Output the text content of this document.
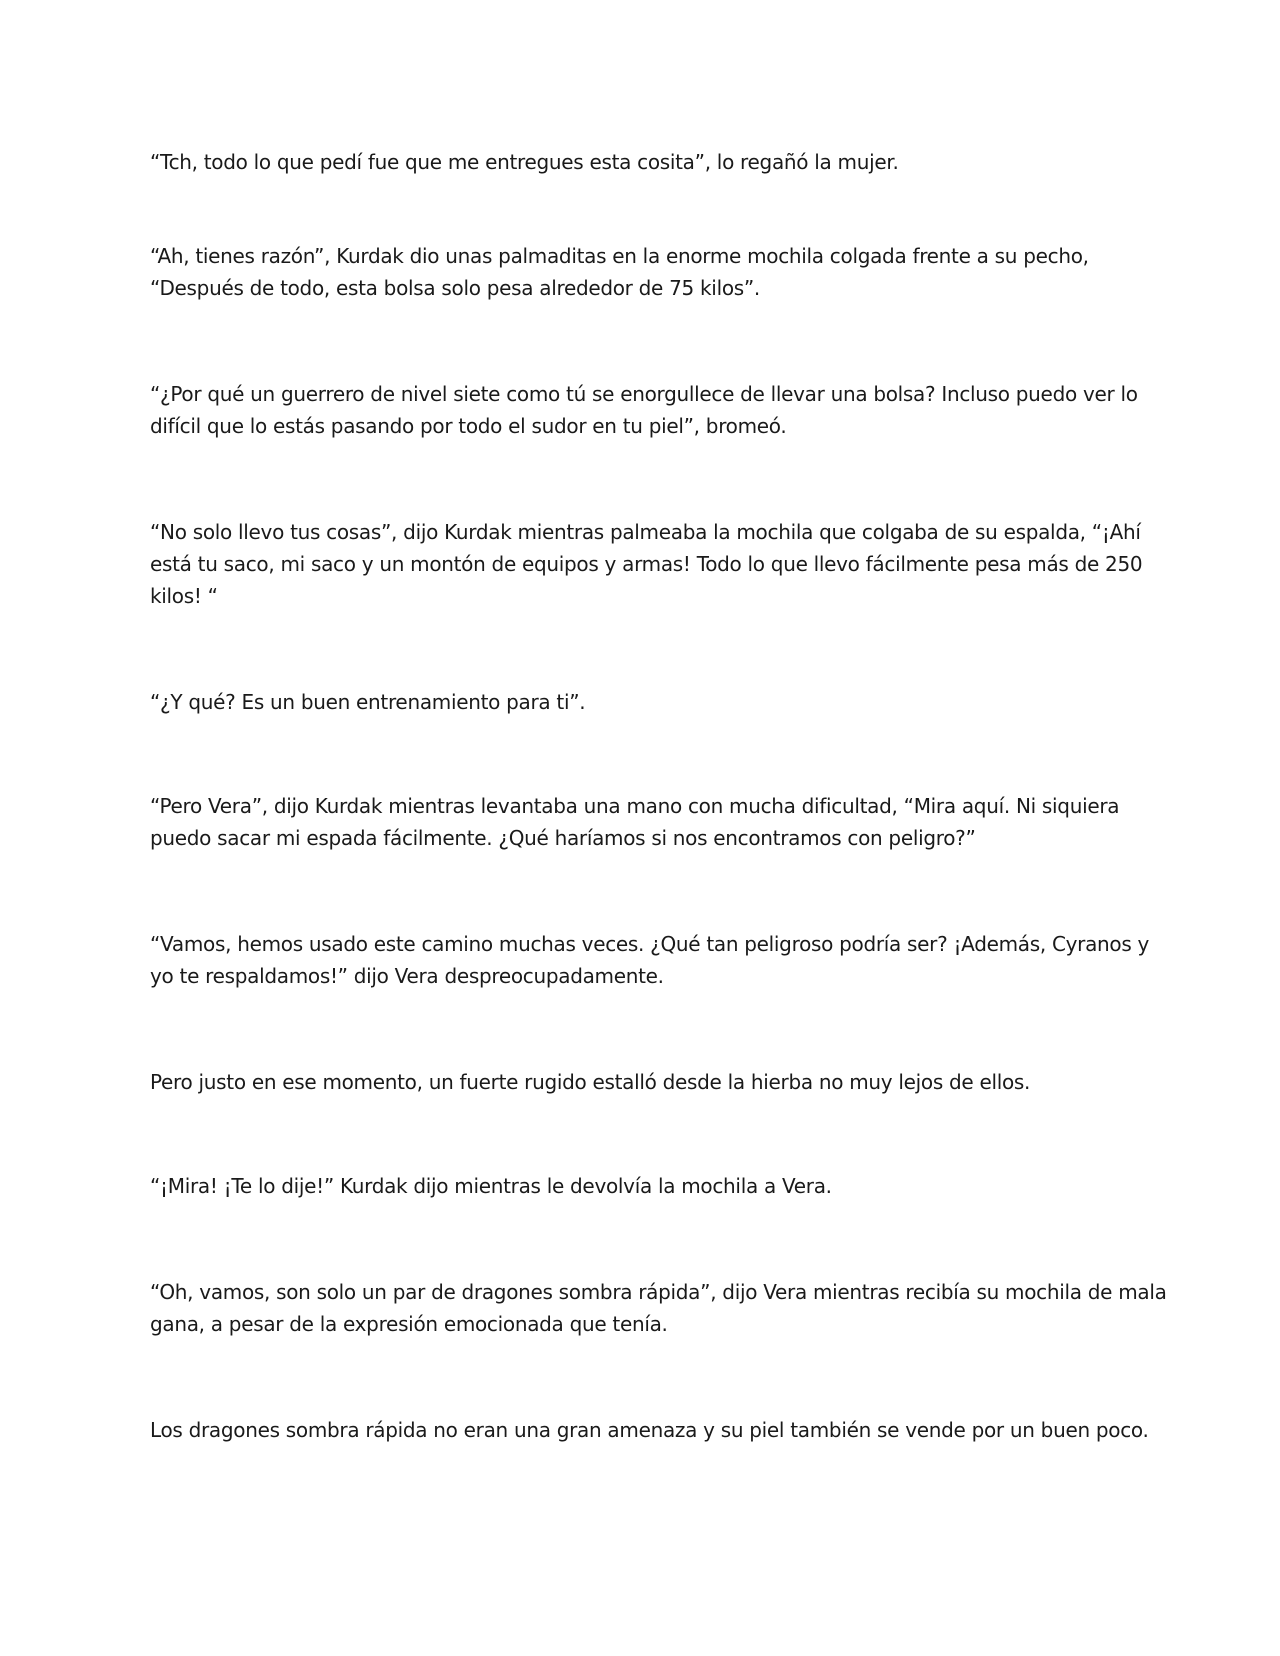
“Tch, todo lo que pedí fue que me entregues esta cosita”, lo regañó la mujer.

“Ah, tienes razón”, Kurdak dio unas palmaditas en la enorme mochila colgada frente a su pecho,
“Después de todo, esta bolsa solo pesa alrededor de 75 kilos”.

“¿Por qué un guerrero de nivel siete como tú se enorgullece de llevar una bolsa? Incluso puedo ver lo
difícil que lo estás pasando por todo el sudor en tu piel”, bromeó.

“No solo llevo tus cosas”, dijo Kurdak mientras palmeaba la mochila que colgaba de su espalda, “¡Ahí
está tu saco, mi saco y un montón de equipos y armas! Todo lo que llevo fácilmente pesa más de 250
kilos! “

“¿Y qué? Es un buen entrenamiento para ti”.

“Pero Vera”, dijo Kurdak mientras levantaba una mano con mucha dificultad, “Mira aquí. Ni siquiera
puedo sacar mi espada fácilmente. ¿Qué haríamos si nos encontramos con peligro?”

“Vamos, hemos usado este camino muchas veces. ¿Qué tan peligroso podría ser? ¡Además, Cyranos y
yo te respaldamos!” dijo Vera despreocupadamente.

Pero justo en ese momento, un fuerte rugido estalló desde la hierba no muy lejos de ellos.

“¡Mira! ¡Te lo dije!” Kurdak dijo mientras le devolvía la mochila a Vera.

“Oh, vamos, son solo un par de dragones sombra rápida”, dijo Vera mientras recibía su mochila de mala
gana, a pesar de la expresión emocionada que tenía.

Los dragones sombra rápida no eran una gran amenaza y su piel también se vende por un buen poco.
